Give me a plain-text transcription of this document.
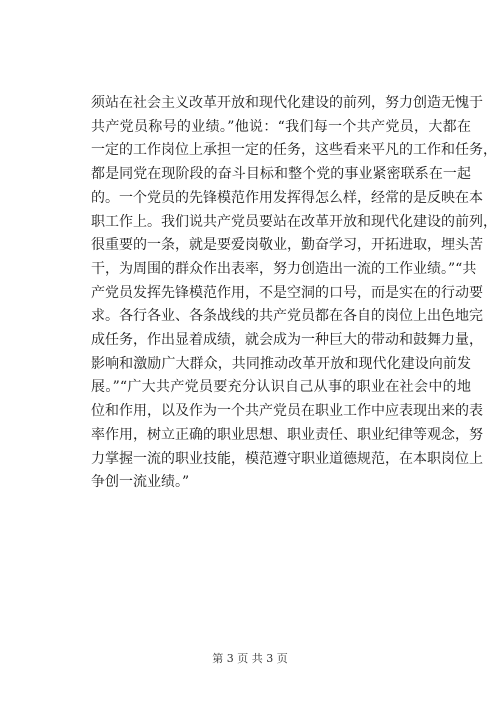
须站在社会主义改革开放和现代化建设的前列，努力创造无愧于
共产党员称号的业绩。”他说：“我们每一个共产党员，大都在
一定的工作岗位上承担一定的任务，这些看来平凡的工作和任务，
都是同党在现阶段的奋斗目标和整个党的事业紧密联系在一起
的。一个党员的先锋模范作用发挥得怎么样，经常的是反映在本
职工作上。我们说共产党员要站在改革开放和现代化建设的前列，
很重要的一条，就是要爱岗敬业，勤奋学习，开拓进取，埋头苦
干，为周围的群众作出表率，努力创造出一流的工作业绩。”“共
产党员发挥先锋模范作用，不是空洞的口号，而是实在的行动要
求。各行各业、各条战线的共产党员都在各自的岗位上出色地完
成任务，作出显着成绩，就会成为一种巨大的带动和鼓舞力量，
影响和激励广大群众，共同推动改革开放和现代化建设向前发
展。”“广大共产党员要充分认识自己从事的职业在社会中的地
位和作用，以及作为一个共产党员在职业工作中应表现出来的表
率作用，树立正确的职业思想、职业责任、职业纪律等观念，努
力掌握一流的职业技能，模范遵守职业道德规范，在本职岗位上
争创一流业绩。”
第 3 页 共 3 页
